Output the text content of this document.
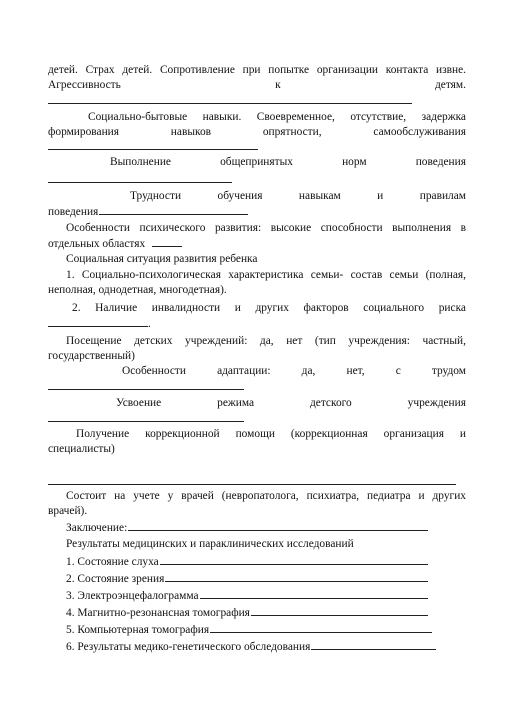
детей. Страх детей. Сопротивление при попытке организации контакта извне.
Агрессивность	к	детям.
Социально-бытовые навыки. Своевременное, отсутствие, задержка
формирования навыков опрятности, самообслуживания
Выполнение общепринятых норм поведения
Трудности обучения навыкам и правилам
поведения
Особенности психического развития: высокие способности выполнения в
отдельных областях
Социальная ситуация развития ребенка
1. Социально-психологическая характеристика семьи- состав семьи (полная,
неполная, однодетная, многодетная).
2. Наличие инвалидности и других факторов социального риска
.
Посещение детских учреждений: да, нет (тип учреждения: частный,
государственный)
Особенности адаптации: да, нет, с трудом
Усвоение режима детского учреждения
Получение коррекционной помощи (коррекционная организация и
специалисты)
Состоит на учете у врачей (невропатолога, психиатра, педиатра и других
врачей).
Заключение:
Результаты медицинских и параклинических исследований
1. Состояние слуха
2. Состояние зрения
3. Электроэнцефалограмма
4. Магнитно-резонансная томография
5. Компьютерная томография
6. Результаты медико-генетического обследования
